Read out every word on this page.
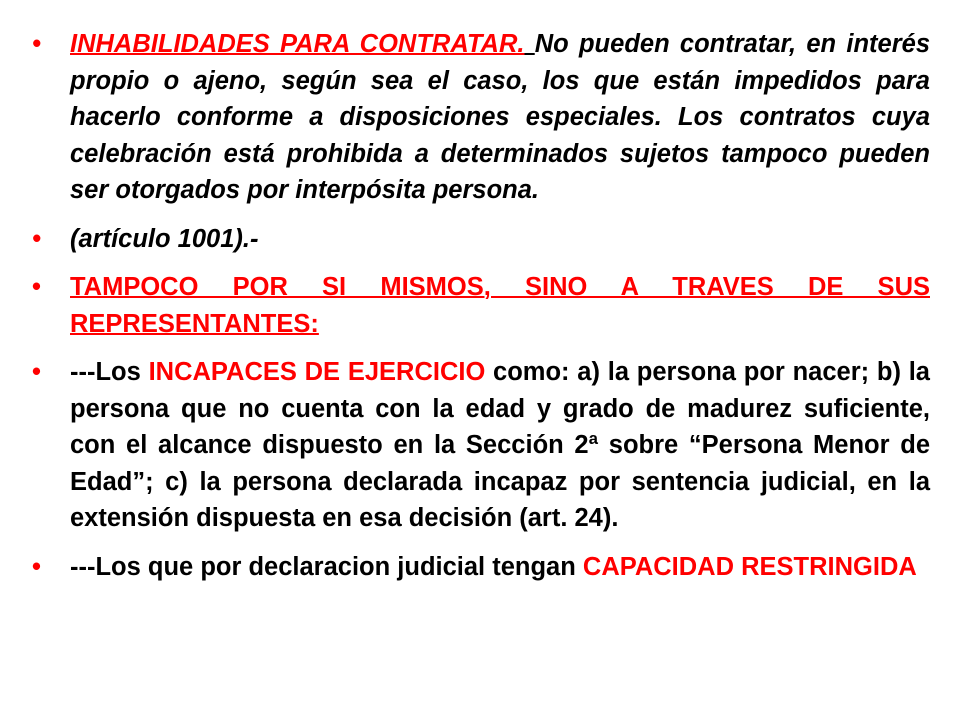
• INHABILIDADES PARA CONTRATAR. No pueden contratar, en interés propio o ajeno, según sea el caso, los que están impedidos para hacerlo conforme a disposiciones especiales. Los contratos cuya celebración está prohibida a determinados sujetos tampoco pueden ser otorgados por interpósita persona.
• (artículo 1001).-
• TAMPOCO POR SI MISMOS, SINO A TRAVES DE SUS REPRESENTANTES:
• ---Los INCAPACES DE EJERCICIO como: a) la persona por nacer; b) la persona que no cuenta con la edad y grado de madurez suficiente, con el alcance dispuesto en la Sección 2ª sobre “Persona Menor de Edad”; c) la persona declarada incapaz por sentencia judicial, en la extensión dispuesta en esa decisión (art. 24).
• ---Los que por declaracion judicial tengan CAPACIDAD RESTRINGIDA
